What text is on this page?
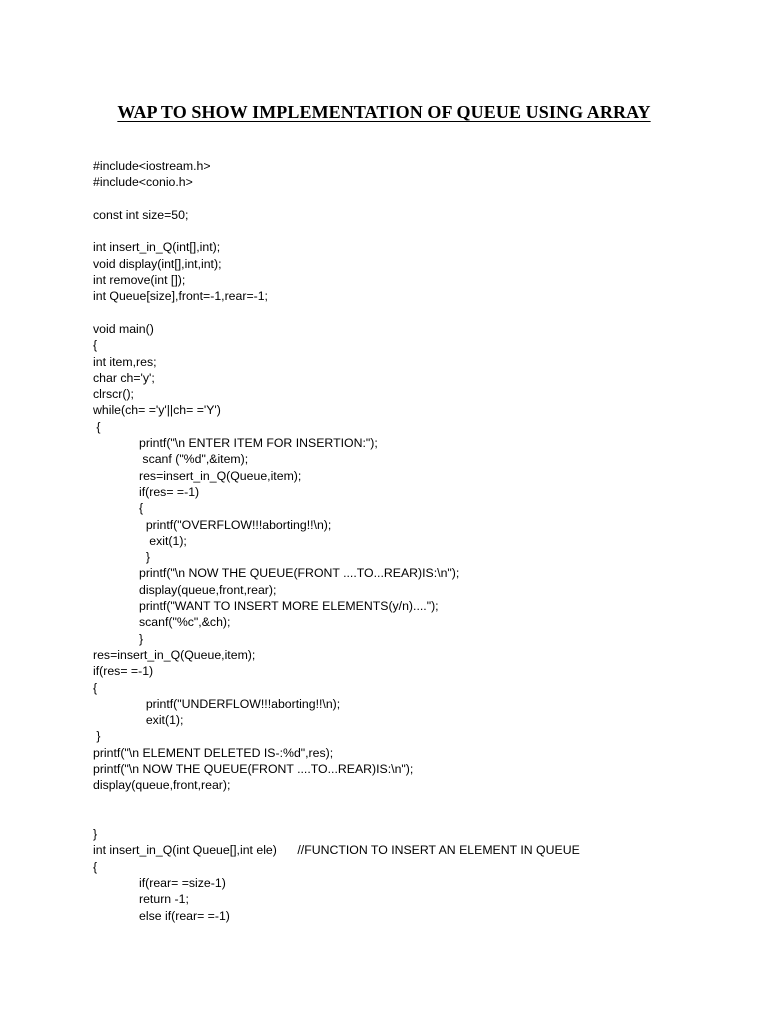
WAP TO SHOW IMPLEMENTATION OF QUEUE USING ARRAY
#include<iostream.h>
#include<conio.h>
const int size=50;
int insert_in_Q(int[],int);
void display(int[],int,int);
int remove(int []);
int Queue[size],front=-1,rear=-1;
void main()
{
int item,res;
char ch='y';
clrscr();
while(ch= ='y'||ch= ='Y')
{
printf("\n ENTER ITEM FOR INSERTION:");
scanf ("%d",&item);
res=insert_in_Q(Queue,item);
if(res= =-1)
{
printf("OVERFLOW!!!aborting!!\n);
exit(1);
}
printf("\n NOW THE QUEUE(FRONT ....TO...REAR)IS:\n");
display(queue,front,rear);
printf("WANT TO INSERT MORE ELEMENTS(y/n)....");
scanf("%c",&ch);
}
res=insert_in_Q(Queue,item);
if(res= =-1)
{
printf("UNDERFLOW!!!aborting!!\n);
exit(1);
}
printf("\n ELEMENT DELETED IS-:%d",res);
printf("\n NOW THE QUEUE(FRONT ....TO...REAR)IS:\n");
display(queue,front,rear);
}
int insert_in_Q(int Queue[],int ele)      //FUNCTION TO INSERT AN ELEMENT IN QUEUE
{
if(rear= =size-1)
return -1;
else if(rear= =-1)
